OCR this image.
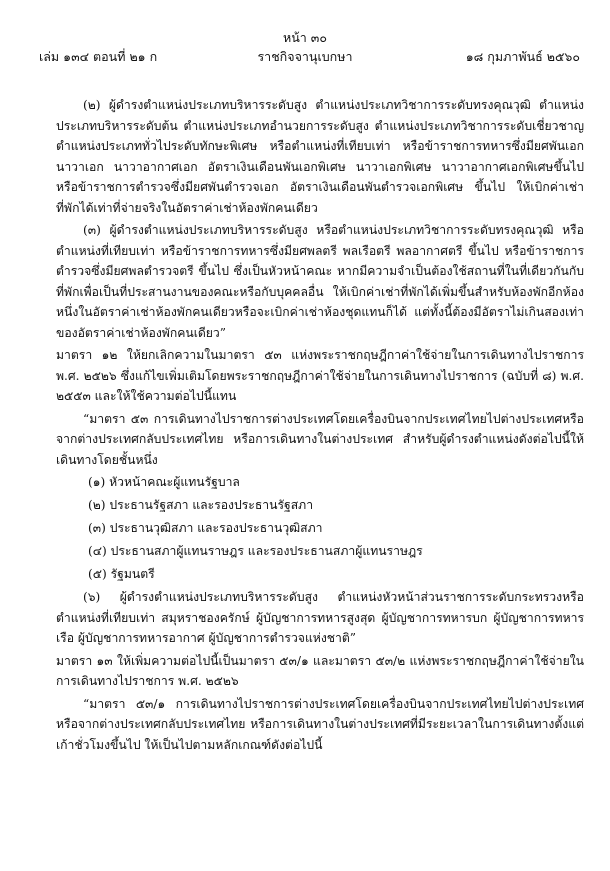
หน้า ๓๐
เล่ม ๑๓๔ ตอนที่ ๒๑ ก	ราชกิจจานุเบกษา	๑๘ กุมภาพันธ์ ๒๕๖๐

(๒) ผู้ดำรงตำแหน่งประเภทบริหารระดับสูง ตำแหน่งประเภทวิชาการระดับทรงคุณวุฒิ ตำแหน่งประเภทบริหารระดับต้น ตำแหน่งประเภทอำนวยการระดับสูง ตำแหน่งประเภทวิชาการระดับเชี่ยวชาญ ตำแหน่งประเภททั่วไประดับทักษะพิเศษ หรือตำแหน่งที่เทียบเท่า หรือข้าราชการทหารซึ่งมียศพันเอก นาวาเอก นาวาอากาศเอก อัตราเงินเดือนพันเอกพิเศษ นาวาเอกพิเศษ นาวาอากาศเอกพิเศษขึ้นไป หรือข้าราชการตำรวจซึ่งมียศพันตำรวจเอก อัตราเงินเดือนพันตำรวจเอกพิเศษ ขึ้นไป ให้เบิกค่าเช่าที่พักได้เท่าที่จ่ายจริงในอัตราค่าเช่าห้องพักคนเดียว

(๓) ผู้ดำรงตำแหน่งประเภทบริหารระดับสูง หรือตำแหน่งประเภทวิชาการระดับทรงคุณวุฒิ หรือตำแหน่งที่เทียบเท่า หรือข้าราชการทหารซึ่งมียศพลตรี พลเรือตรี พลอากาศตรี ขึ้นไป หรือข้าราชการตำรวจซึ่งมียศพลตำรวจตรี ขึ้นไป ซึ่งเป็นหัวหน้าคณะ หากมีความจำเป็นต้องใช้สถานที่ในที่เดียวกันกับที่พักเพื่อเป็นที่ประสานงานของคณะหรือกับบุคคลอื่น ให้เบิกค่าเช่าที่พักได้เพิ่มขึ้นสำหรับห้องพักอีกห้องหนึ่งในอัตราค่าเช่าห้องพักคนเดียวหรือจะเบิกค่าเช่าห้องชุดแทนก็ได้ แต่ทั้งนี้ต้องมีอัตราไม่เกินสองเท่าของอัตราค่าเช่าห้องพักคนเดียว”

มาตรา ๑๒ ให้ยกเลิกความในมาตรา ๕๓ แห่งพระราชกฤษฎีกาค่าใช้จ่ายในการเดินทางไปราชการ พ.ศ. ๒๕๒๖ ซึ่งแก้ไขเพิ่มเติมโดยพระราชกฤษฎีกาค่าใช้จ่ายในการเดินทางไปราชการ (ฉบับที่ ๘) พ.ศ. ๒๕๕๓ และให้ใช้ความต่อไปนี้แทน

“มาตรา ๕๓ การเดินทางไปราชการต่างประเทศโดยเครื่องบินจากประเทศไทยไปต่างประเทศหรือจากต่างประเทศกลับประเทศไทย หรือการเดินทางในต่างประเทศ สำหรับผู้ดำรงตำแหน่งดังต่อไปนี้ให้เดินทางโดยชั้นหนึ่ง

(๑) หัวหน้าคณะผู้แทนรัฐบาล

(๒) ประธานรัฐสภา และรองประธานรัฐสภา

(๓) ประธานวุฒิสภา และรองประธานวุฒิสภา

(๔) ประธานสภาผู้แทนราษฎร และรองประธานสภาผู้แทนราษฎร

(๕) รัฐมนตรี

(๖) ผู้ดำรงตำแหน่งประเภทบริหารระดับสูง ตำแหน่งหัวหน้าส่วนราชการระดับกระทรวงหรือตำแหน่งที่เทียบเท่า สมุหราชองครักษ์ ผู้บัญชาการทหารสูงสุด ผู้บัญชาการทหารบก ผู้บัญชาการทหารเรือ ผู้บัญชาการทหารอากาศ ผู้บัญชาการตำรวจแห่งชาติ”

มาตรา ๑๓ ให้เพิ่มความต่อไปนี้เป็นมาตรา ๕๓/๑ และมาตรา ๕๓/๒ แห่งพระราชกฤษฎีกาค่าใช้จ่ายในการเดินทางไปราชการ พ.ศ. ๒๕๒๖

“มาตรา ๕๓/๑ การเดินทางไปราชการต่างประเทศโดยเครื่องบินจากประเทศไทยไปต่างประเทศหรือจากต่างประเทศกลับประเทศไทย หรือการเดินทางในต่างประเทศที่มีระยะเวลาในการเดินทางตั้งแต่เก้าชั่วโมงขึ้นไป ให้เป็นไปตามหลักเกณฑ์ดังต่อไปนี้
